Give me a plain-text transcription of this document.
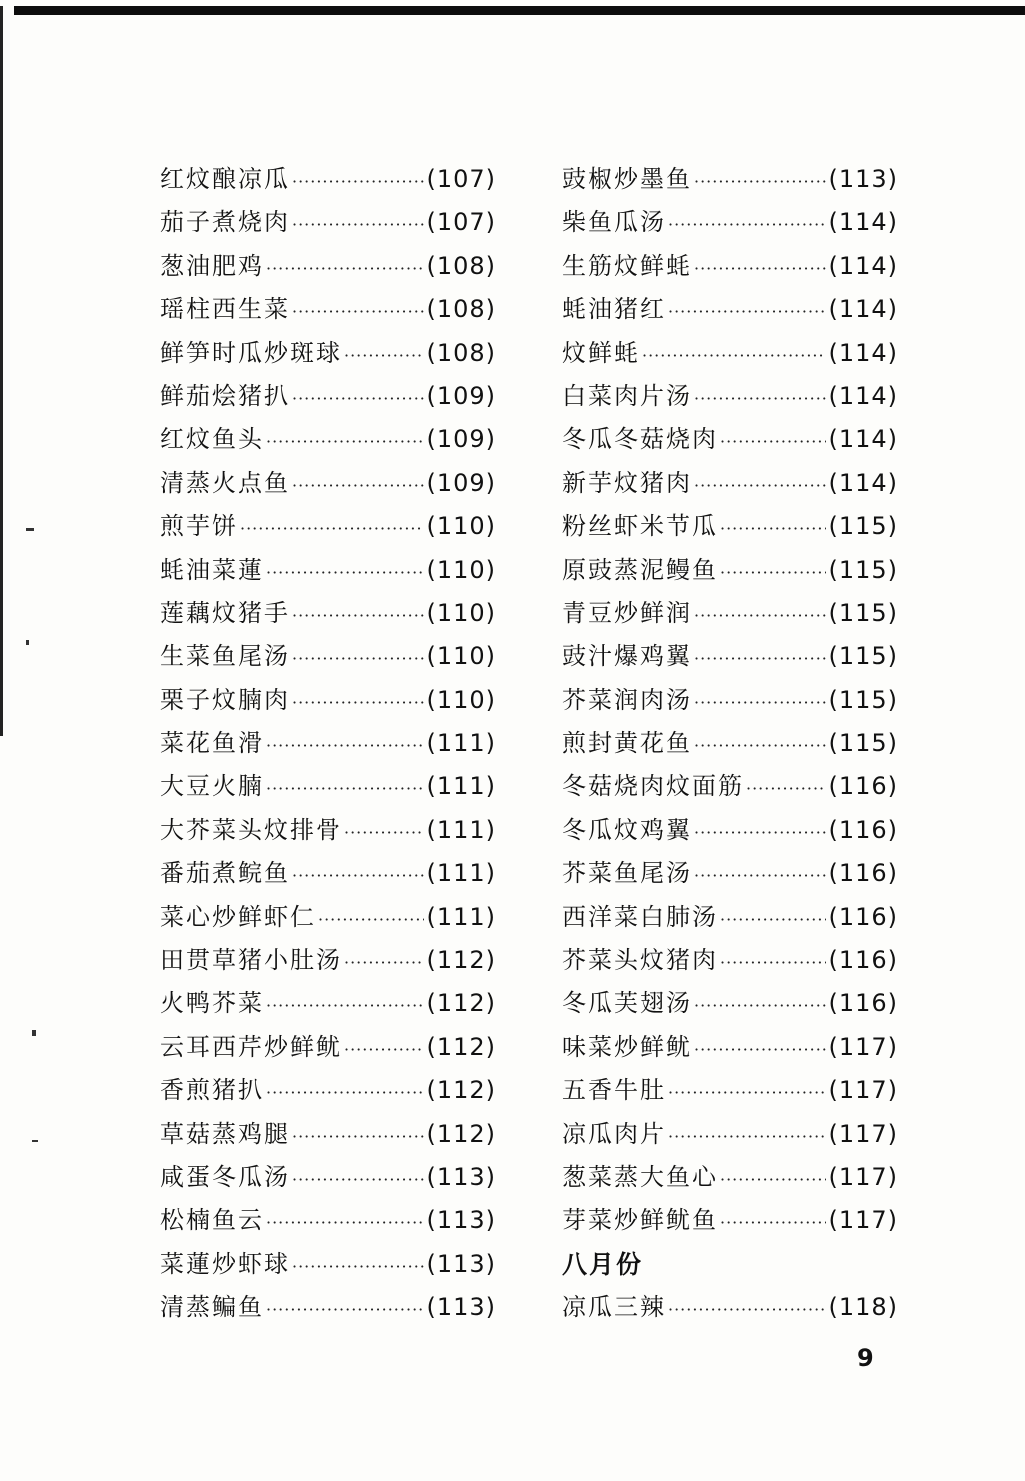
红炆酿凉瓜 ·····	(107)
茄子煮烧肉 ·····	(107)
葱油肥鸡 ·····	(108)
瑶柱西生菜 ·····	(108)
鲜笋时瓜炒斑球 ·····	(108)
鲜茄烩猪扒 ·····	(109)
红炆鱼头 ·····	(109)
清蒸火点鱼 ·····	(109)
煎芋饼 ·····	(110)
蚝油菜蓮 ·····	(110)
莲藕炆猪手 ·····	(110)
生菜鱼尾汤 ·····	(110)
栗子炆腩肉 ·····	(110)
菜花鱼滑 ·····	(111)
大豆火腩 ·····	(111)
大芥菜头炆排骨 ·····	(111)
番茄煮鲩鱼 ·····	(111)
菜心炒鲜虾仁 ·····	(111)
田贯草猪小肚汤 ·····	(112)
火鸭芥菜 ·····	(112)
云耳西芹炒鲜鱿 ·····	(112)
香煎猪扒 ·····	(112)
草菇蒸鸡腿 ·····	(112)
咸蛋冬瓜汤 ·····	(113)
松楠鱼云 ·····	(113)
菜蓮炒虾球 ·····	(113)
清蒸鳊鱼 ·····	(113)
豉椒炒墨鱼 ·····	(113)
柴鱼瓜汤 ·····	(114)
生筋炆鲜蚝 ·····	(114)
蚝油猪红 ·····	(114)
炆鲜蚝 ·····	(114)
白菜肉片汤 ·····	(114)
冬瓜冬菇烧肉 ·····	(114)
新芋炆猪肉 ·····	(114)
粉丝虾米节瓜 ·····	(115)
原豉蒸泥鳗鱼 ·····	(115)
青豆炒鲜润 ·····	(115)
豉汁爆鸡翼 ·····	(115)
芥菜润肉汤 ·····	(115)
煎封黄花鱼 ·····	(115)
冬菇烧肉炆面筋 ·····	(116)
冬瓜炆鸡翼 ·····	(116)
芥菜鱼尾汤 ·····	(116)
西洋菜白肺汤 ·····	(116)
芥菜头炆猪肉 ·····	(116)
冬瓜芙翅汤 ·····	(116)
味菜炒鲜鱿 ·····	(117)
五香牛肚 ·····	(117)
凉瓜肉片 ·····	(117)
葱菜蒸大鱼心 ·····	(117)
芽菜炒鲜鱿鱼 ·····	(117)
八月份
凉瓜三辣 ·····	(118)
9
